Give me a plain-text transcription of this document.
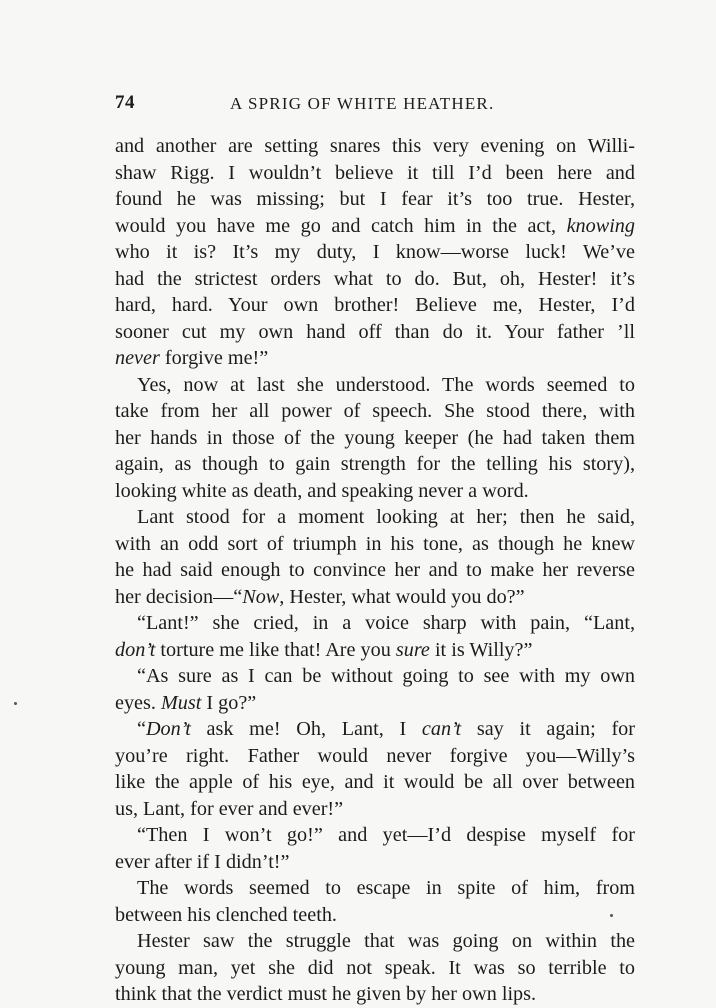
74	A SPRIG OF WHITE HEATHER.
and another are setting snares this very evening on Willi-
shaw Rigg. I wouldn’t believe it till I’d been here and
found he was missing; but I fear it’s too true. Hester,
would you have me go and catch him in the act, knowing
who it is? It’s my duty, I know—worse luck! We’ve
had the strictest orders what to do. But, oh, Hester! it’s
hard, hard. Your own brother! Believe me, Hester, I’d
sooner cut my own hand off than do it. Your father ’ll
never forgive me!”
Yes, now at last she understood. The words seemed to
take from her all power of speech. She stood there, with
her hands in those of the young keeper (he had taken them
again, as though to gain strength for the telling his story),
looking white as death, and speaking never a word.
Lant stood for a moment looking at her; then he said,
with an odd sort of triumph in his tone, as though he knew
he had said enough to convince her and to make her reverse
her decision—“Now, Hester, what would you do?”
“Lant!” she cried, in a voice sharp with pain, “Lant,
don’t torture me like that! Are you sure it is Willy?”
“As sure as I can be without going to see with my own
eyes. Must I go?”
“Don’t ask me! Oh, Lant, I can’t say it again; for
you’re right. Father would never forgive you—Willy’s
like the apple of his eye, and it would be all over between
us, Lant, for ever and ever!”
“Then I won’t go!” and yet—I’d despise myself for
ever after if I didn’t!”
The words seemed to escape in spite of him, from
between his clenched teeth.
Hester saw the struggle that was going on within the
young man, yet she did not speak. It was so terrible to
think that the verdict must he given by her own lips.
